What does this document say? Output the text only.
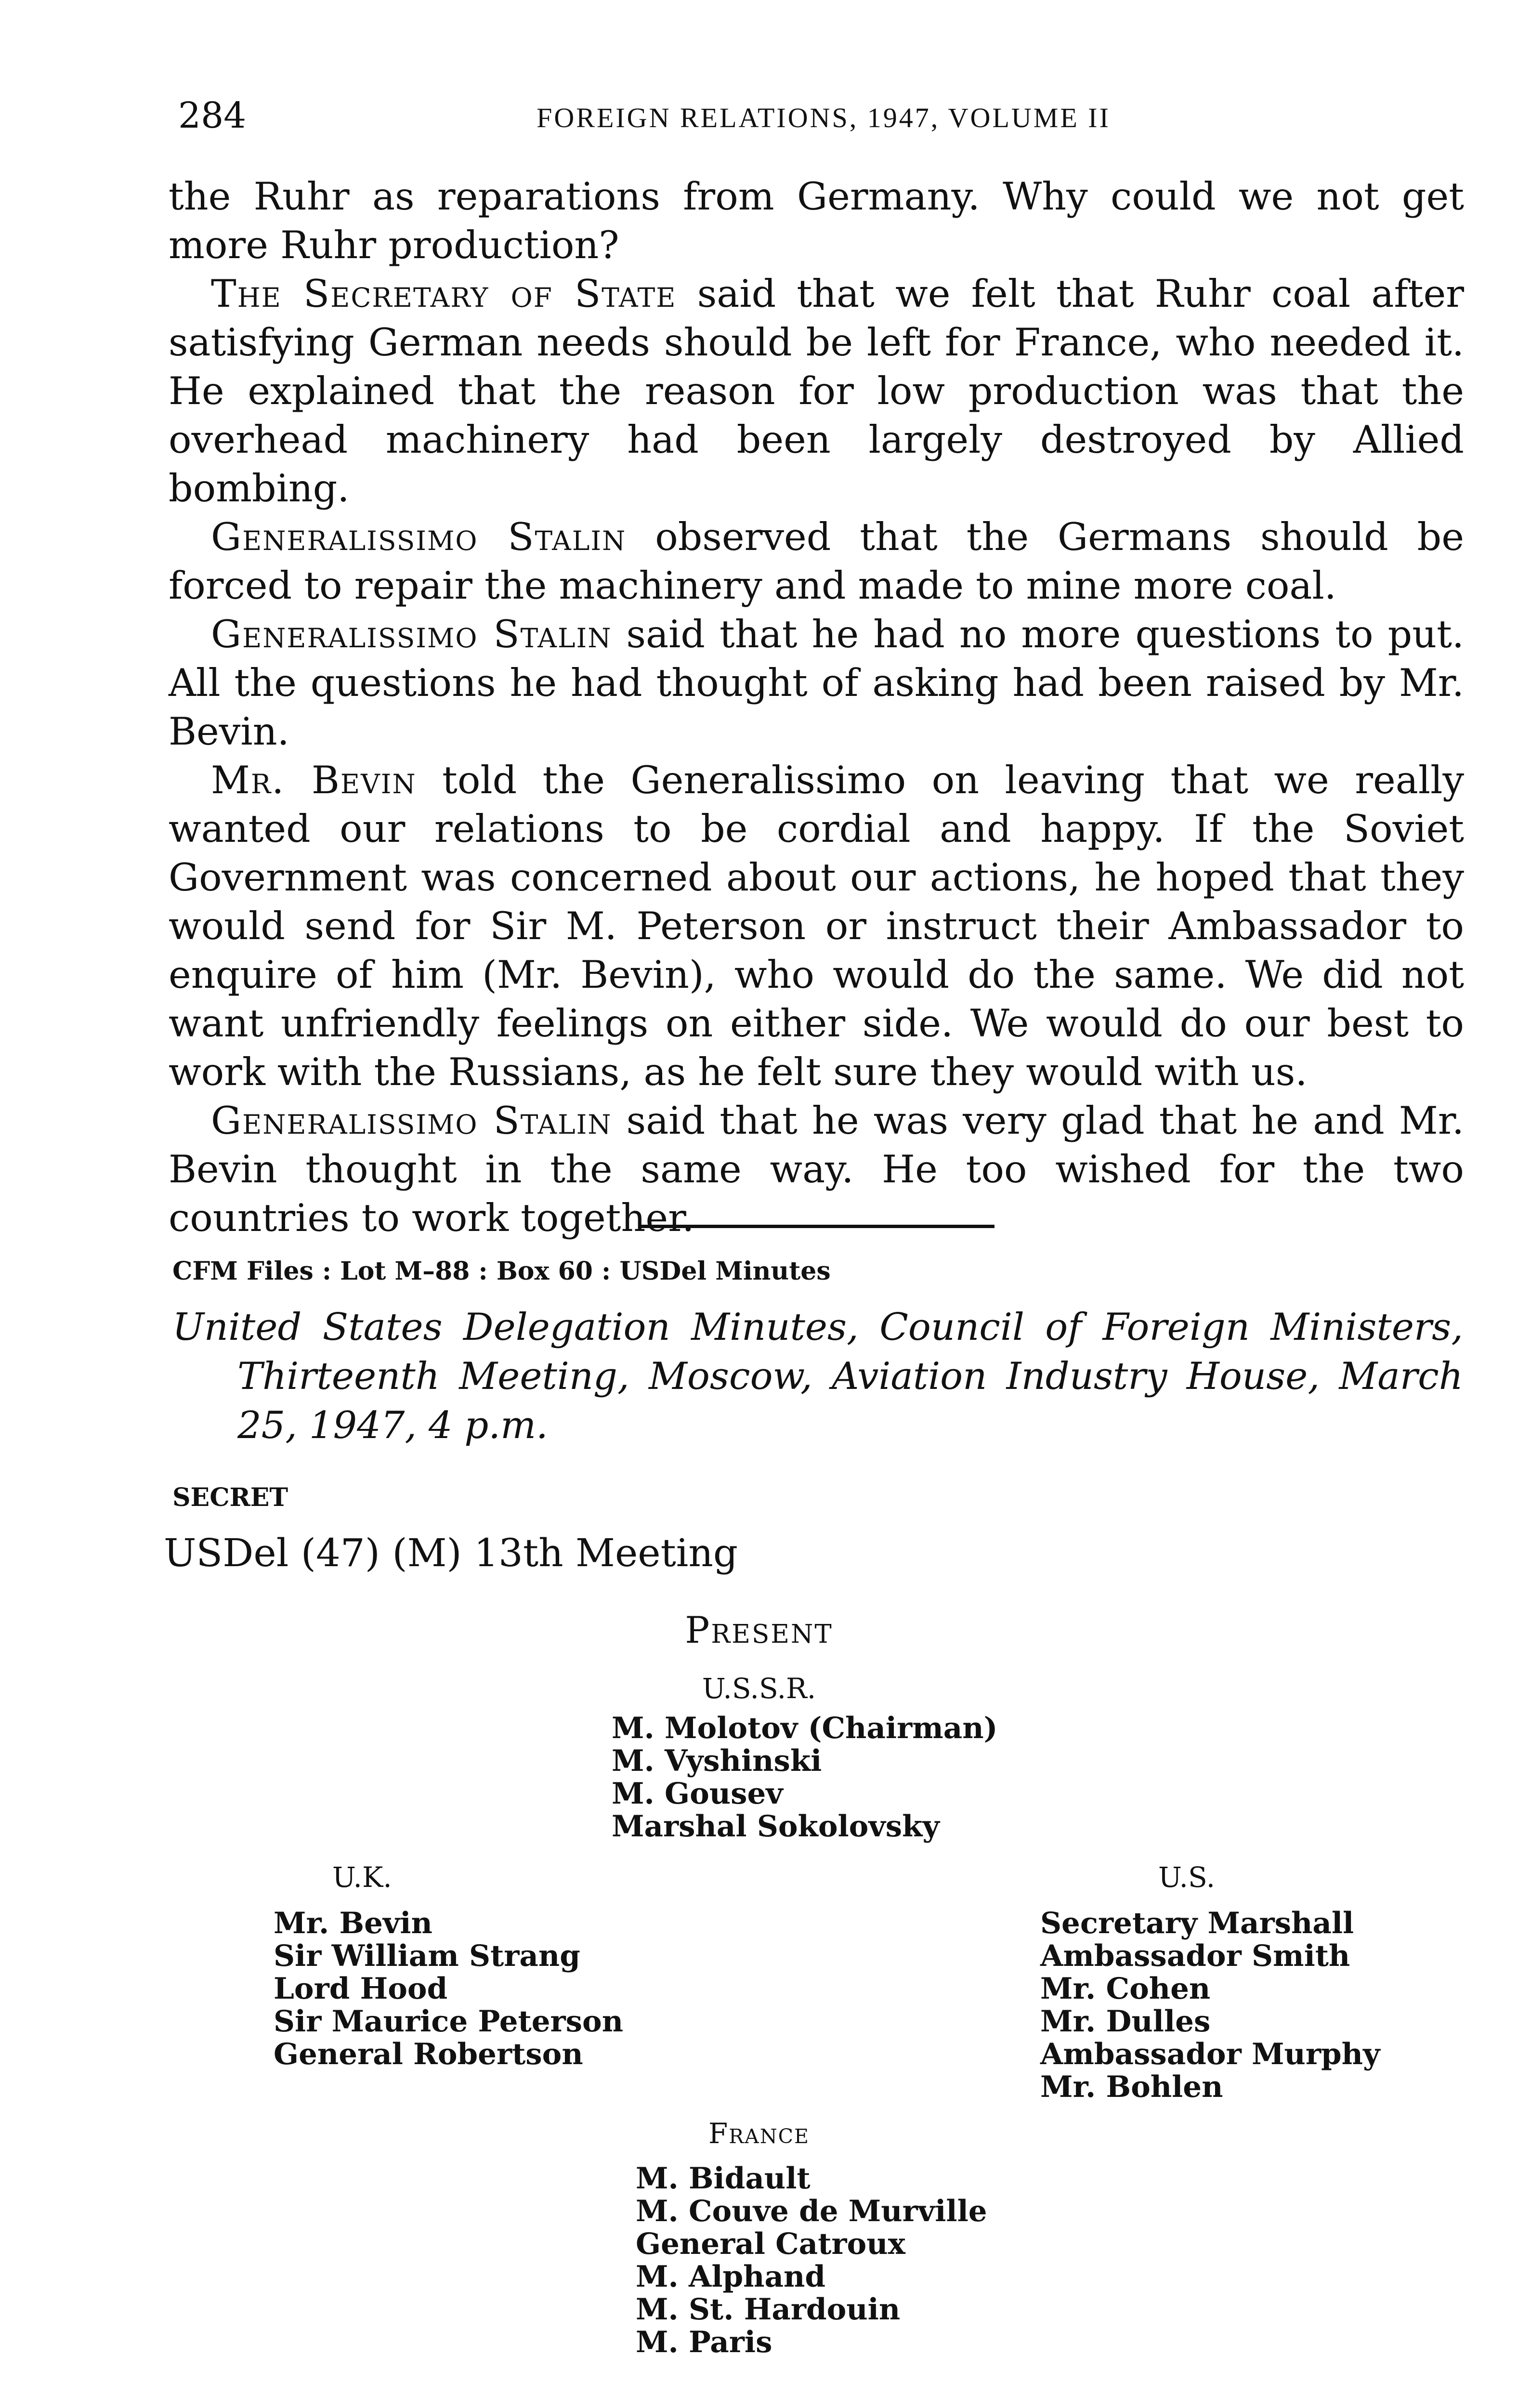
284	FOREIGN RELATIONS, 1947, VOLUME II

the Ruhr as reparations from Germany. Why could we not get more Ruhr production?

The Secretary of State said that we felt that Ruhr coal after satisfying German needs should be left for France, who needed it. He explained that the reason for low production was that the overhead machinery had been largely destroyed by Allied bombing.

Generalissimo Stalin observed that the Germans should be forced to repair the machinery and made to mine more coal.

Generalissimo Stalin said that he had no more questions to put. All the questions he had thought of asking had been raised by Mr. Bevin.

Mr. Bevin told the Generalissimo on leaving that we really wanted our relations to be cordial and happy. If the Soviet Government was concerned about our actions, he hoped that they would send for Sir M. Peterson or instruct their Ambassador to enquire of him (Mr. Bevin), who would do the same. We did not want unfriendly feelings on either side. We would do our best to work with the Russians, as he felt sure they would with us.

Generalissimo Stalin said that he was very glad that he and Mr. Bevin thought in the same way. He too wished for the two countries to work together.

CFM Files : Lot M–88 : Box 60 : USDel Minutes
United States Delegation Minutes, Council of Foreign Ministers, Thirteenth Meeting, Moscow, Aviation Industry House, March 25, 1947, 4 p.m.
SECRET
USDel (47) (M) 13th Meeting
Present
U.S.S.R.
M. Molotov (Chairman)
M. Vyshinski
M. Gousev
Marshal Sokolovsky
U.K.
Mr. Bevin
Sir William Strang
Lord Hood
Sir Maurice Peterson
General Robertson
U.S.
Secretary Marshall
Ambassador Smith
Mr. Cohen
Mr. Dulles
Ambassador Murphy
Mr. Bohlen
France
M. Bidault
M. Couve de Murville
General Catroux
M. Alphand
M. St. Hardouin
M. Paris
